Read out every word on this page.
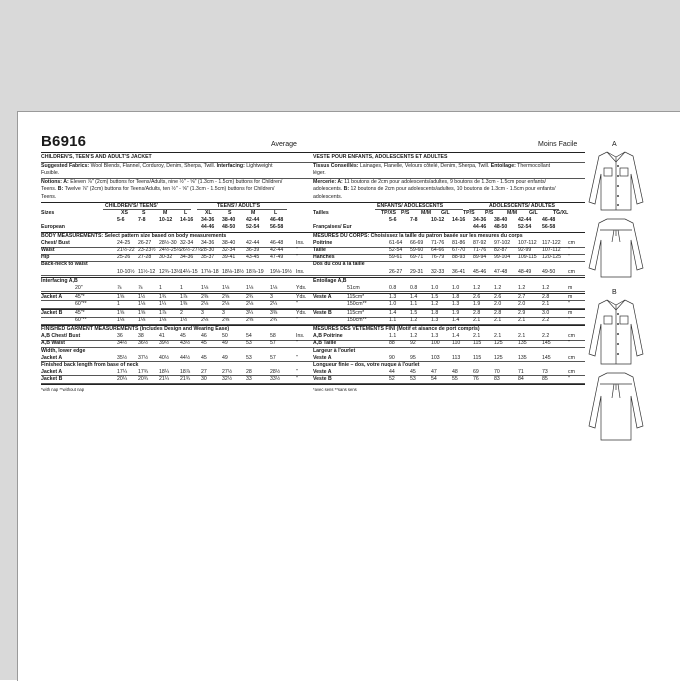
B6916	Average
CHILDREN'S, TEEN'S AND ADULT'S JACKET
Suggested Fabrics: Wool Blends, Flannel, Corduroy, Denim, Sherpa, Twill. Interfacing: Lightweight
Fusible.
Notions: A: Eleven ⅞" (2cm) buttons for Teens/Adults, nine ½" - ⅝" (1.3cm - 1.5cm) buttons for Children/
Teens. B: Twelve ⅞" (2cm) buttons for Teens/Adults, ten ½" - ⅝" (1.3cm - 1.5cm) buttons for Children/
Teens.
CHILDREN'S/ TEENS'	TEENS'/ ADULT'S
Sizes	XS	S	M	L	XL	S	M	L
5-6	7-8	10-12 14-16 34-36 38-40 42-44 46-48
European	44-46 48-50 52-54 56-58
BODY MEASUREMENTS: Select pattern size based on body measurements
Chest/ Bust	24-25 26-27 28½-30 32-34 34-36 38-40 42-44 46-48 Ins.
Waist	21½-22 23-23½ 24½-25½ 26½-27½ 28-30 32-34 36-39 42-44 "
Hip	25-26 27-28 30-32 34-36 35-37 39-41 43-45 47-49 "
Back-neck to waist
10-10½ 11½-12 12¾-13½ 14¼-15 17⅛-18 18⅛-18½ 18⅞-19 19⅛-19½ Ins.
Interfacing A,B
20"	⅞	⅞	1	1	1⅛	1⅛	1⅛	1⅛	Yds.
Jacket A 45"*	1⅝	1½	1¾	1⅞	2⅜	2⅝	2¾	3	Yds.
60"**	1	1⅛	1¼	1⅜	2⅛	2⅛	2⅛	2¼	"
Jacket B 45"*	1⅝	1⅝	1⅞	2	3	3	3¼	3⅜	Yds.
60"**	1⅛	1⅛	1⅛	1½	2⅛	2⅝	2⅝	2¾	"
FINISHED GARMENT MEASUREMENTS (Includes Design and Wearing Ease)
A,B Chest/ Bust	36	38	41	45	46	50	54	58	Ins.
A,B Waist	34½ 36½ 39½ 43½ 45	49	53	57	"
Width, lower edge
Jacket A	35½ 37½ 40½ 44½ 45	49	53	57	"
Finished back length from base of neck
Jacket A	17¼ 17¾ 18¼ 18⅞ 27	27½	28	28½	"
Jacket B	20¼ 20¾ 21¼ 21¾ 30	32½	33	33½	"
*with nap **without nap
Moins Facile
VESTE POUR ENFANTS, ADOLESCENTS ET ADULTES
Tissus Conseillés: Lainages, Flanelle, Velours côtelé, Denim, Sherpa, Twill. Entoilage: Thermocollant
léger.
Mercerie: A: 11 boutons de 2cm pour adolescents/adultes, 9 boutons de 1.3cm - 1.5cm pour enfants/
adolescents. B: 12 boutons de 2cm pour adolescents/adultes, 10 boutons de 1.3cm - 1.5cm pour enfants/
adolescents.
ENFANTS/ ADOLESCENTS	ADOLESCENTS/ ADULTES
Tailles	TP/XS P/S M/M G/L	TP/S P/S	M/M G/L	TG/XL
5-6	7-8	10-12 14-16 34-36 38-40 42-44 46-48
Françaises/ Eur	44-46 48-50 52-54 56-58
MESURES DU CORPS: Choisissez la taille du patron basée sur les mesures du corps
Poitrine	61-64 66-69 71-76 81-86 87-92 97-102 107-112 117-122 cm
Taille	52-54 59-60 64-66 67-70 71-76 82-87 92-99 107-112 "
Hanches	59-61 69-71 76-79 88-93 89-94 99-104 109-115 120-125 "
Dos du cou à la taille
26-27 29-31 32-33 36-41 45-46 47-48 48-49 49-50 cm
Entoilage A,B
51cm	0.8	0.8	1.0	1.0	1.2	1.2	1.2	1.2	m
Veste A	115cm*	1.3	1.4	1.5	1.8	2.6	2.6	2.7	2.8	m
150cm**	1.0	1.1	1.2	1.3	1.9	2.0	2.0	2.1	"
Veste B	115cm*	1.4	1.5	1.8	1.9	2.8	2.8	2.9	3.0	m
150cm**	1.1	1.2	1.3	1.4	2.1	2.1	2.1	2.2	"
MESURES DES VÊTEMENTS FINI (Motif et aisance de port compris)
A,B Poitrine	1.1	1.2	1.3	1.4	2.1	2.1	2.1	2.2	cm
A,B Taille	88	92	100 110 115 125	135	145	"
Largeur à l'ourlet
Veste A	90	95	103 113 115 125	135	145	cm
Longueur finie – dos, votre nuque à l'ourlet
Veste A	44	45	47	48	69	70	71	73	cm
Veste B	52	53	54	55	76	83	84	85	"
*avec sens **sans sens
A
B
